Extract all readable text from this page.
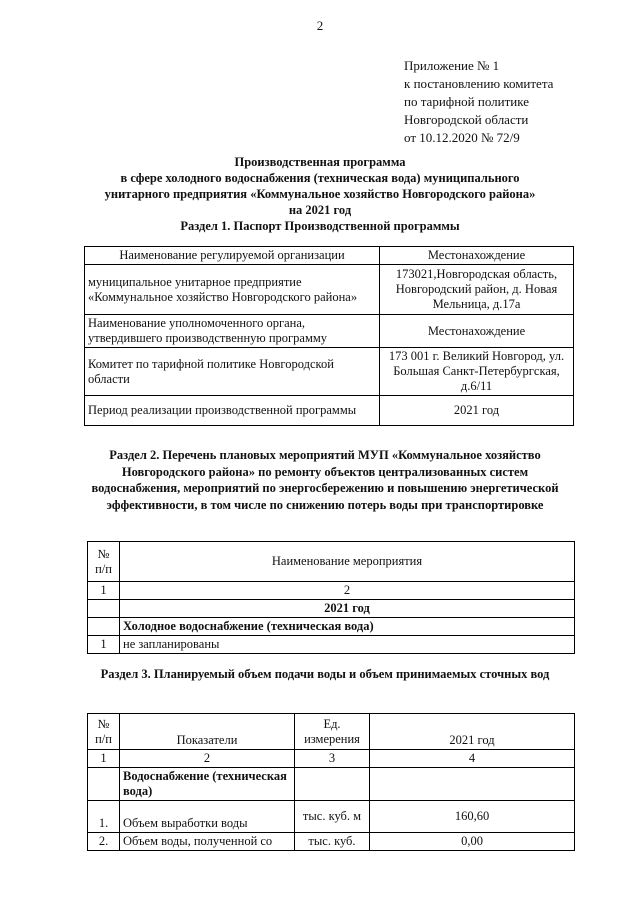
2
Приложение № 1
к постановлению комитета
по тарифной политике
Новгородской области
от 10.12.2020 № 72/9
Производственная программа
в сфере холодного водоснабжения (техническая вода) муниципального
унитарного предприятия «Коммунальное хозяйство Новгородского района»
на 2021 год
Раздел 1. Паспорт Производственной программы
Наименование регулируемой организации	Местонахождение
муниципальное унитарное предприятие «Коммунальное хозяйство Новгородского района»	173021,Новгородская область, Новгородский район, д. Новая Мельница, д.17а
Наименование уполномоченного органа, утвердившего производственную программу	Местонахождение
Комитет по тарифной политике Новгородской области	173 001 г. Великий Новгород, ул. Большая Санкт-Петербургская, д.6/11
Период реализации производственной программы	2021 год
Раздел 2. Перечень плановых мероприятий МУП «Коммунальное хозяйство Новгородского района» по ремонту объектов централизованных систем водоснабжения, мероприятий по энергосбережению и повышению энергетической эффективности, в том числе по снижению потерь воды при транспортировке
№ п/п	Наименование мероприятия
1	2
	2021 год
	Холодное водоснабжение (техническая вода)
1	не запланированы
Раздел 3. Планируемый объем подачи воды и объем принимаемых сточных вод
№ п/п	Показатели	Ед. измерения	2021 год
1	2	3	4
	Водоснабжение (техническая вода)		
1.	Объем выработки воды	тыс. куб. м	160,60
2.	Объем воды, полученной со	тыс. куб.	0,00
